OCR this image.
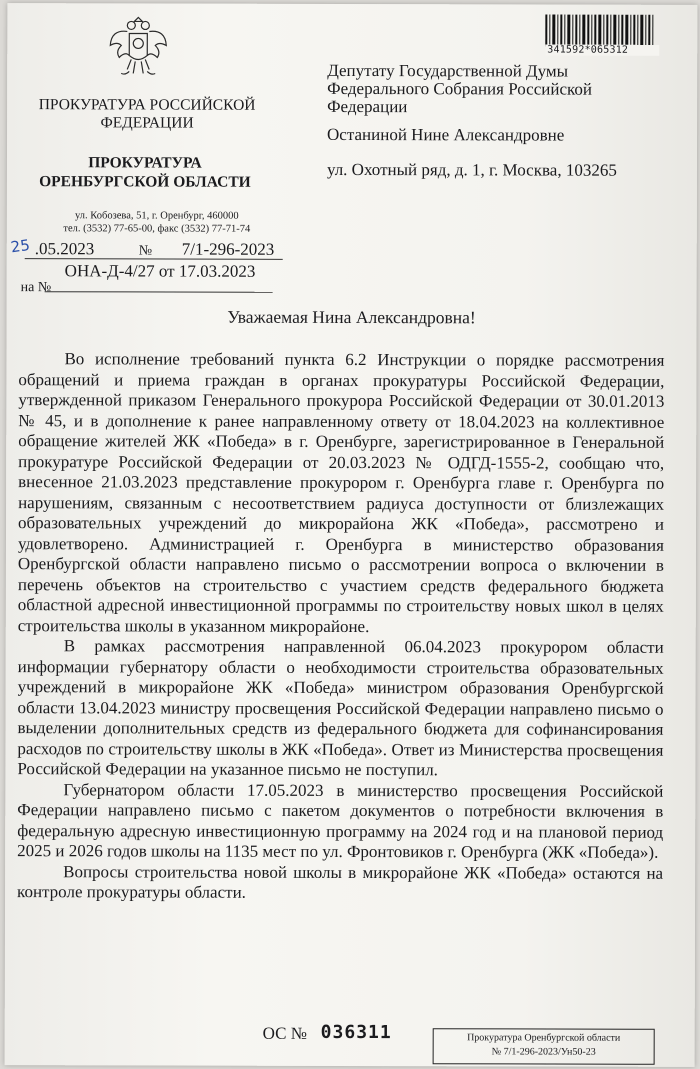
ПРОКУРАТУРА РОССИЙСКОЙ ФЕДЕРАЦИИ
ПРОКУРАТУРА ОРЕНБУРГСКОЙ ОБЛАСТИ
ул. Кобозева, 51, г. Оренбург, 460000
тел. (3532) 77-65-00, факс (3532) 77-71-74
25 .05.2023	№ 7/1-296-2023
ОНА-Д-4/27 от 17.03.2023
на №
341592*065312
Депутату Государственной Думы
Федерального Собрания Российской
Федерации
Останиной Нине Александровне
ул. Охотный ряд, д. 1, г. Москва, 103265
Уважаемая Нина Александровна!

Во исполнение требований пункта 6.2 Инструкции о порядке рассмотрения обращений и приема граждан в органах прокуратуры Российской Федерации, утвержденной приказом Генерального прокурора Российской Федерации от 30.01.2013 № 45, и в дополнение к ранее направленному ответу от 18.04.2023 на коллективное обращение жителей ЖК «Победа» в г. Оренбурге, зарегистрированное в Генеральной прокуратуре Российской Федерации от 20.03.2023 № ОДГД-1555-2, сообщаю что, внесенное 21.03.2023 представление прокурором г. Оренбурга главе г. Оренбурга по нарушениям, связанным с несоответствием радиуса доступности от близлежащих образовательных учреждений до микрорайона ЖК «Победа», рассмотрено и удовлетворено. Администрацией г. Оренбурга в министерство образования Оренбургской области направлено письмо о рассмотрении вопроса о включении в перечень объектов на строительство с участием средств федерального бюджета областной адресной инвестиционной программы по строительству новых школ в целях строительства школы в указанном микрорайоне.

В рамках рассмотрения направленной 06.04.2023 прокурором области информации губернатору области о необходимости строительства образовательных учреждений в микрорайоне ЖК «Победа» министром образования Оренбургской области 13.04.2023 министру просвещения Российской Федерации направлено письмо о выделении дополнительных средств из федерального бюджета для софинансирования расходов по строительству школы в ЖК «Победа». Ответ из Министерства просвещения Российской Федерации на указанное письмо не поступил.

Губернатором области 17.05.2023 в министерство просвещения Российской Федерации направлено письмо с пакетом документов о потребности включения в федеральную адресную инвестиционную программу на 2024 год и на плановой период 2025 и 2026 годов школы на 1135 мест по ул. Фронтовиков г. Оренбурга (ЖК «Победа»).

Вопросы строительства новой школы в микрорайоне ЖК «Победа» остаются на контроле прокуратуры области.

ОС № 036311	Прокуратура Оренбургской области
№ 7/1-296-2023/Ун50-23
